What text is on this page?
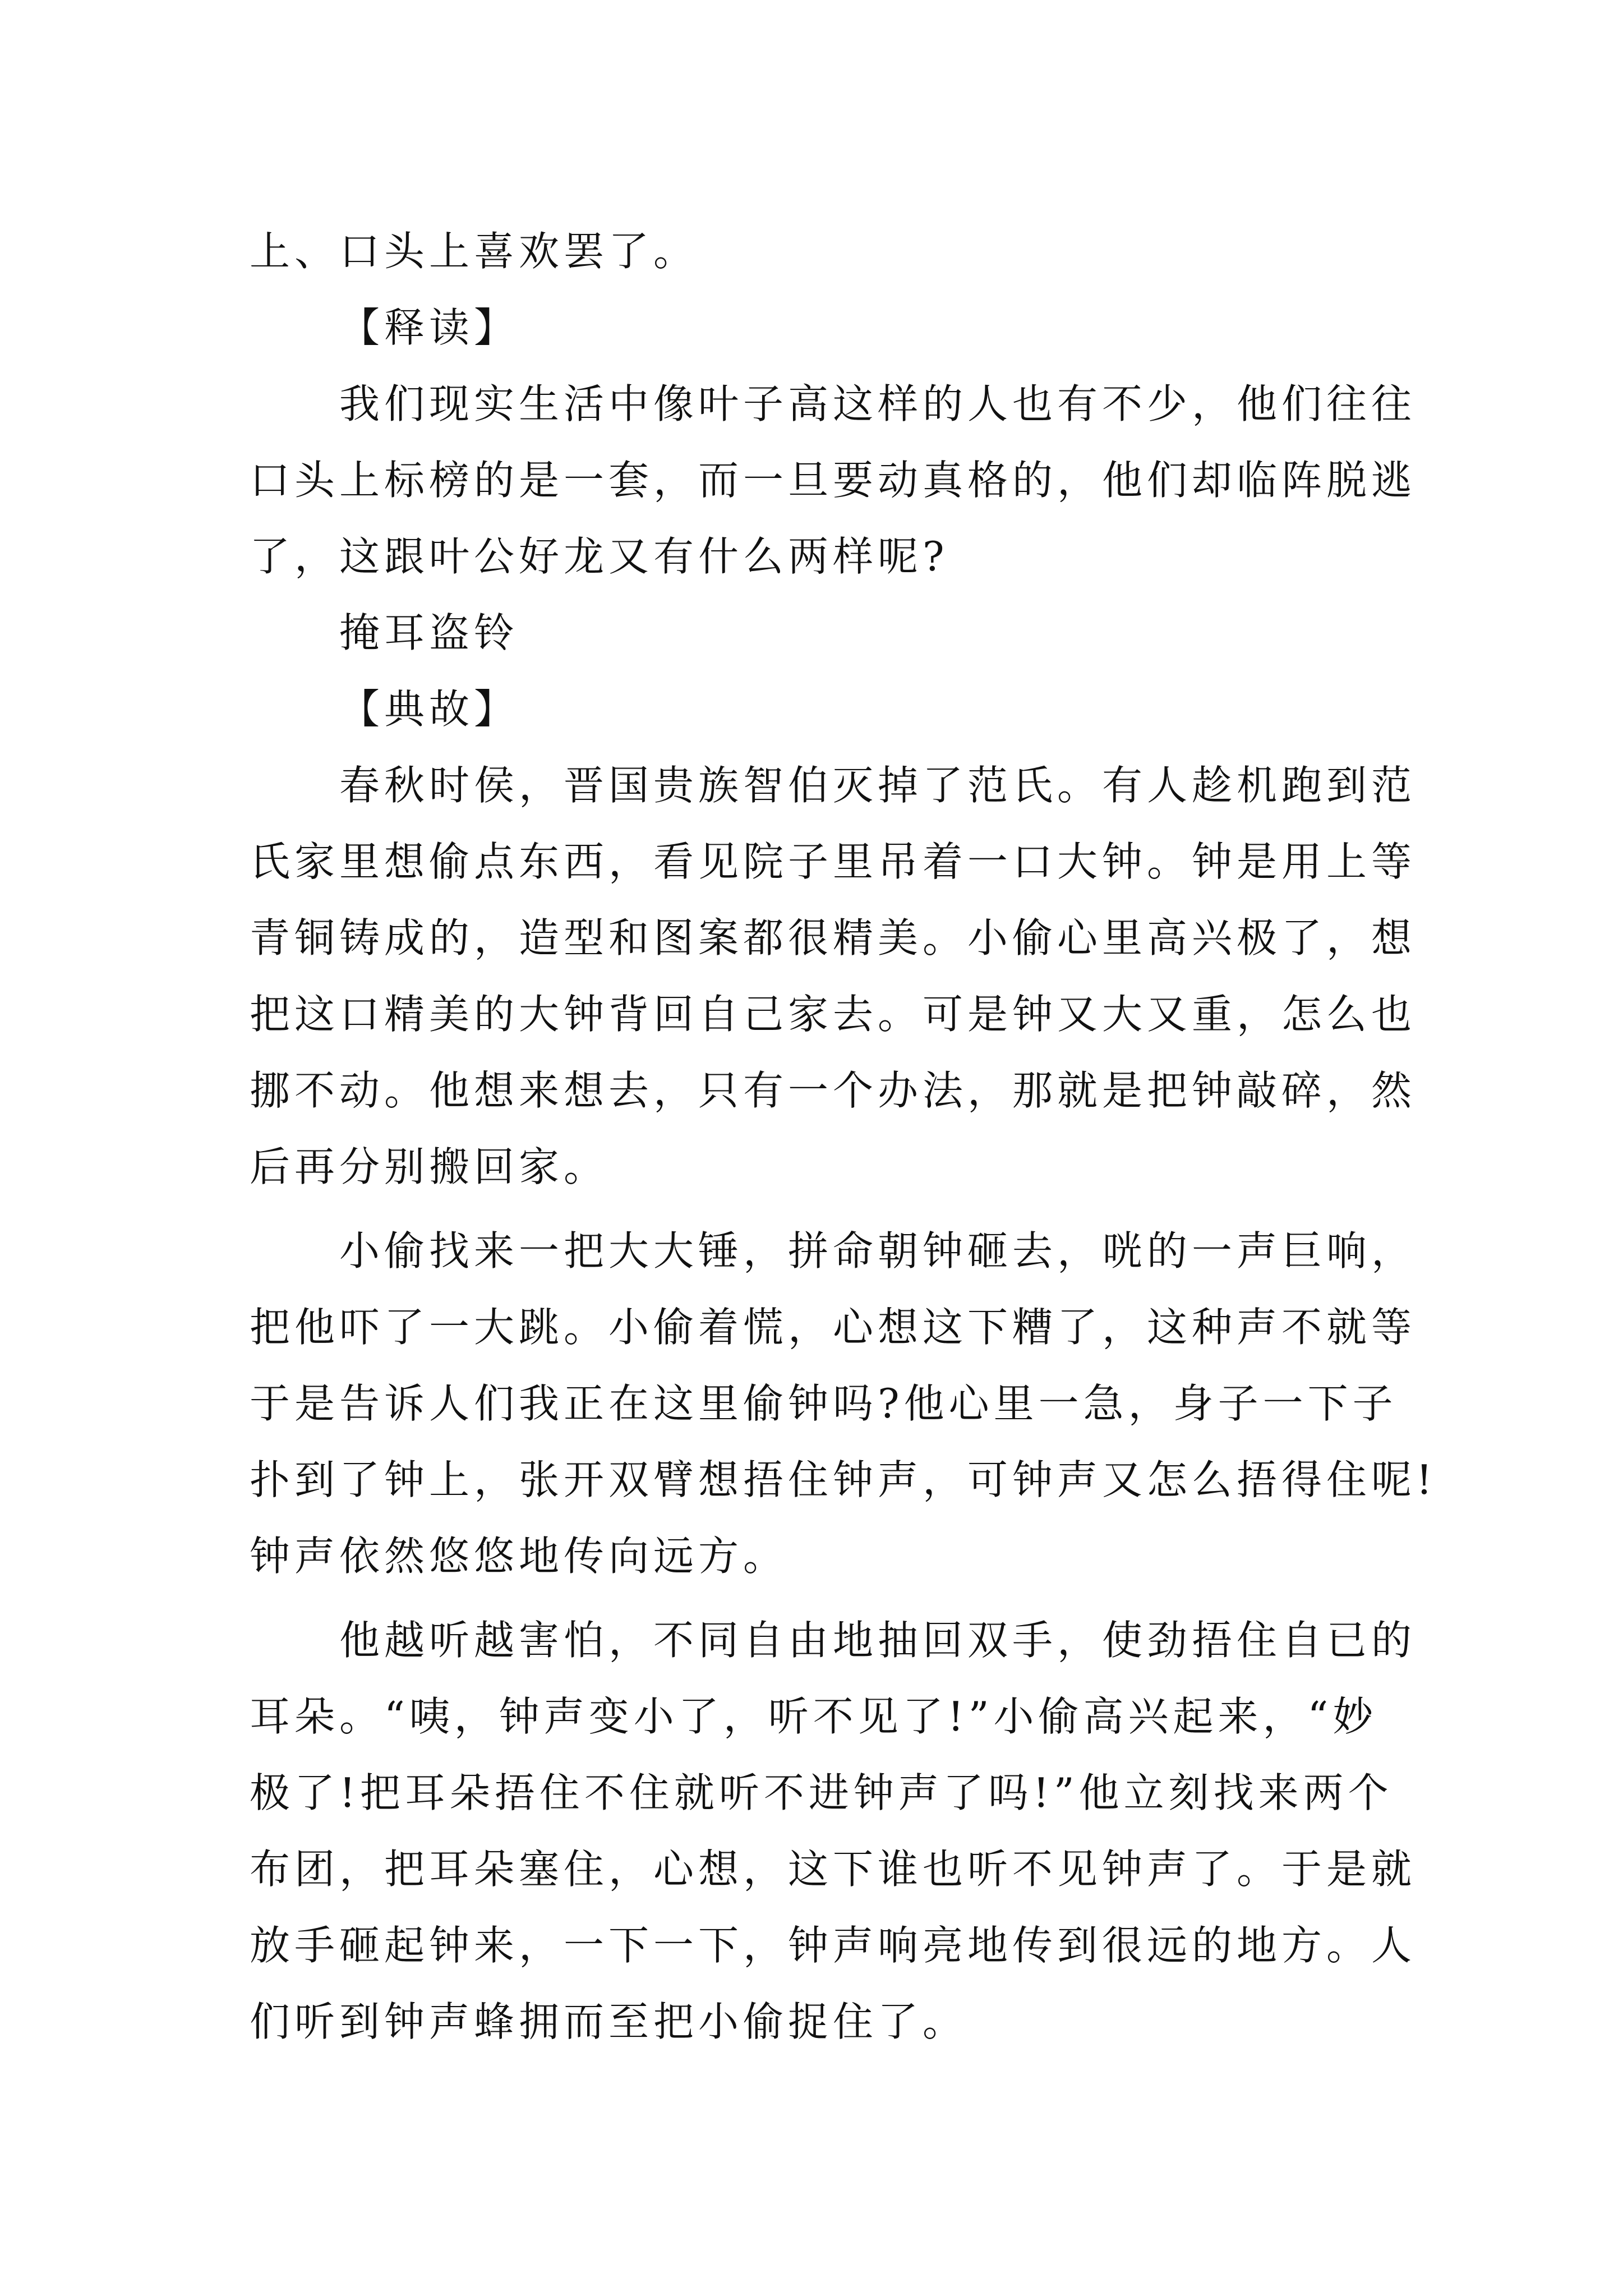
上、口头上喜欢罢了。
【释读】
我们现实生活中像叶子高这样的人也有不少，他们往往
口头上标榜的是一套，而一旦要动真格的，他们却临阵脱逃
了，这跟叶公好龙又有什么两样呢?
掩耳盗铃
【典故】
春秋时侯，晋国贵族智伯灭掉了范氏。有人趁机跑到范
氏家里想偷点东西，看见院子里吊着一口大钟。钟是用上等
青铜铸成的，造型和图案都很精美。小偷心里高兴极了，想
把这口精美的大钟背回自己家去。可是钟又大又重，怎么也
挪不动。他想来想去，只有一个办法，那就是把钟敲碎，然
后再分别搬回家。
小偷找来一把大大锤，拼命朝钟砸去，咣的一声巨响，
把他吓了一大跳。小偷着慌，心想这下糟了，这种声不就等
于是告诉人们我正在这里偷钟吗?他心里一急，身子一下子
扑到了钟上，张开双臂想捂住钟声，可钟声又怎么捂得住呢!
钟声依然悠悠地传向远方。
他越听越害怕，不同自由地抽回双手，使劲捂住自已的
耳朵。“咦，钟声变小了，听不见了!”小偷高兴起来，“妙
极了!把耳朵捂住不住就听不进钟声了吗!”他立刻找来两个
布团，把耳朵塞住，心想，这下谁也听不见钟声了。于是就
放手砸起钟来，一下一下，钟声响亮地传到很远的地方。人
们听到钟声蜂拥而至把小偷捉住了。
